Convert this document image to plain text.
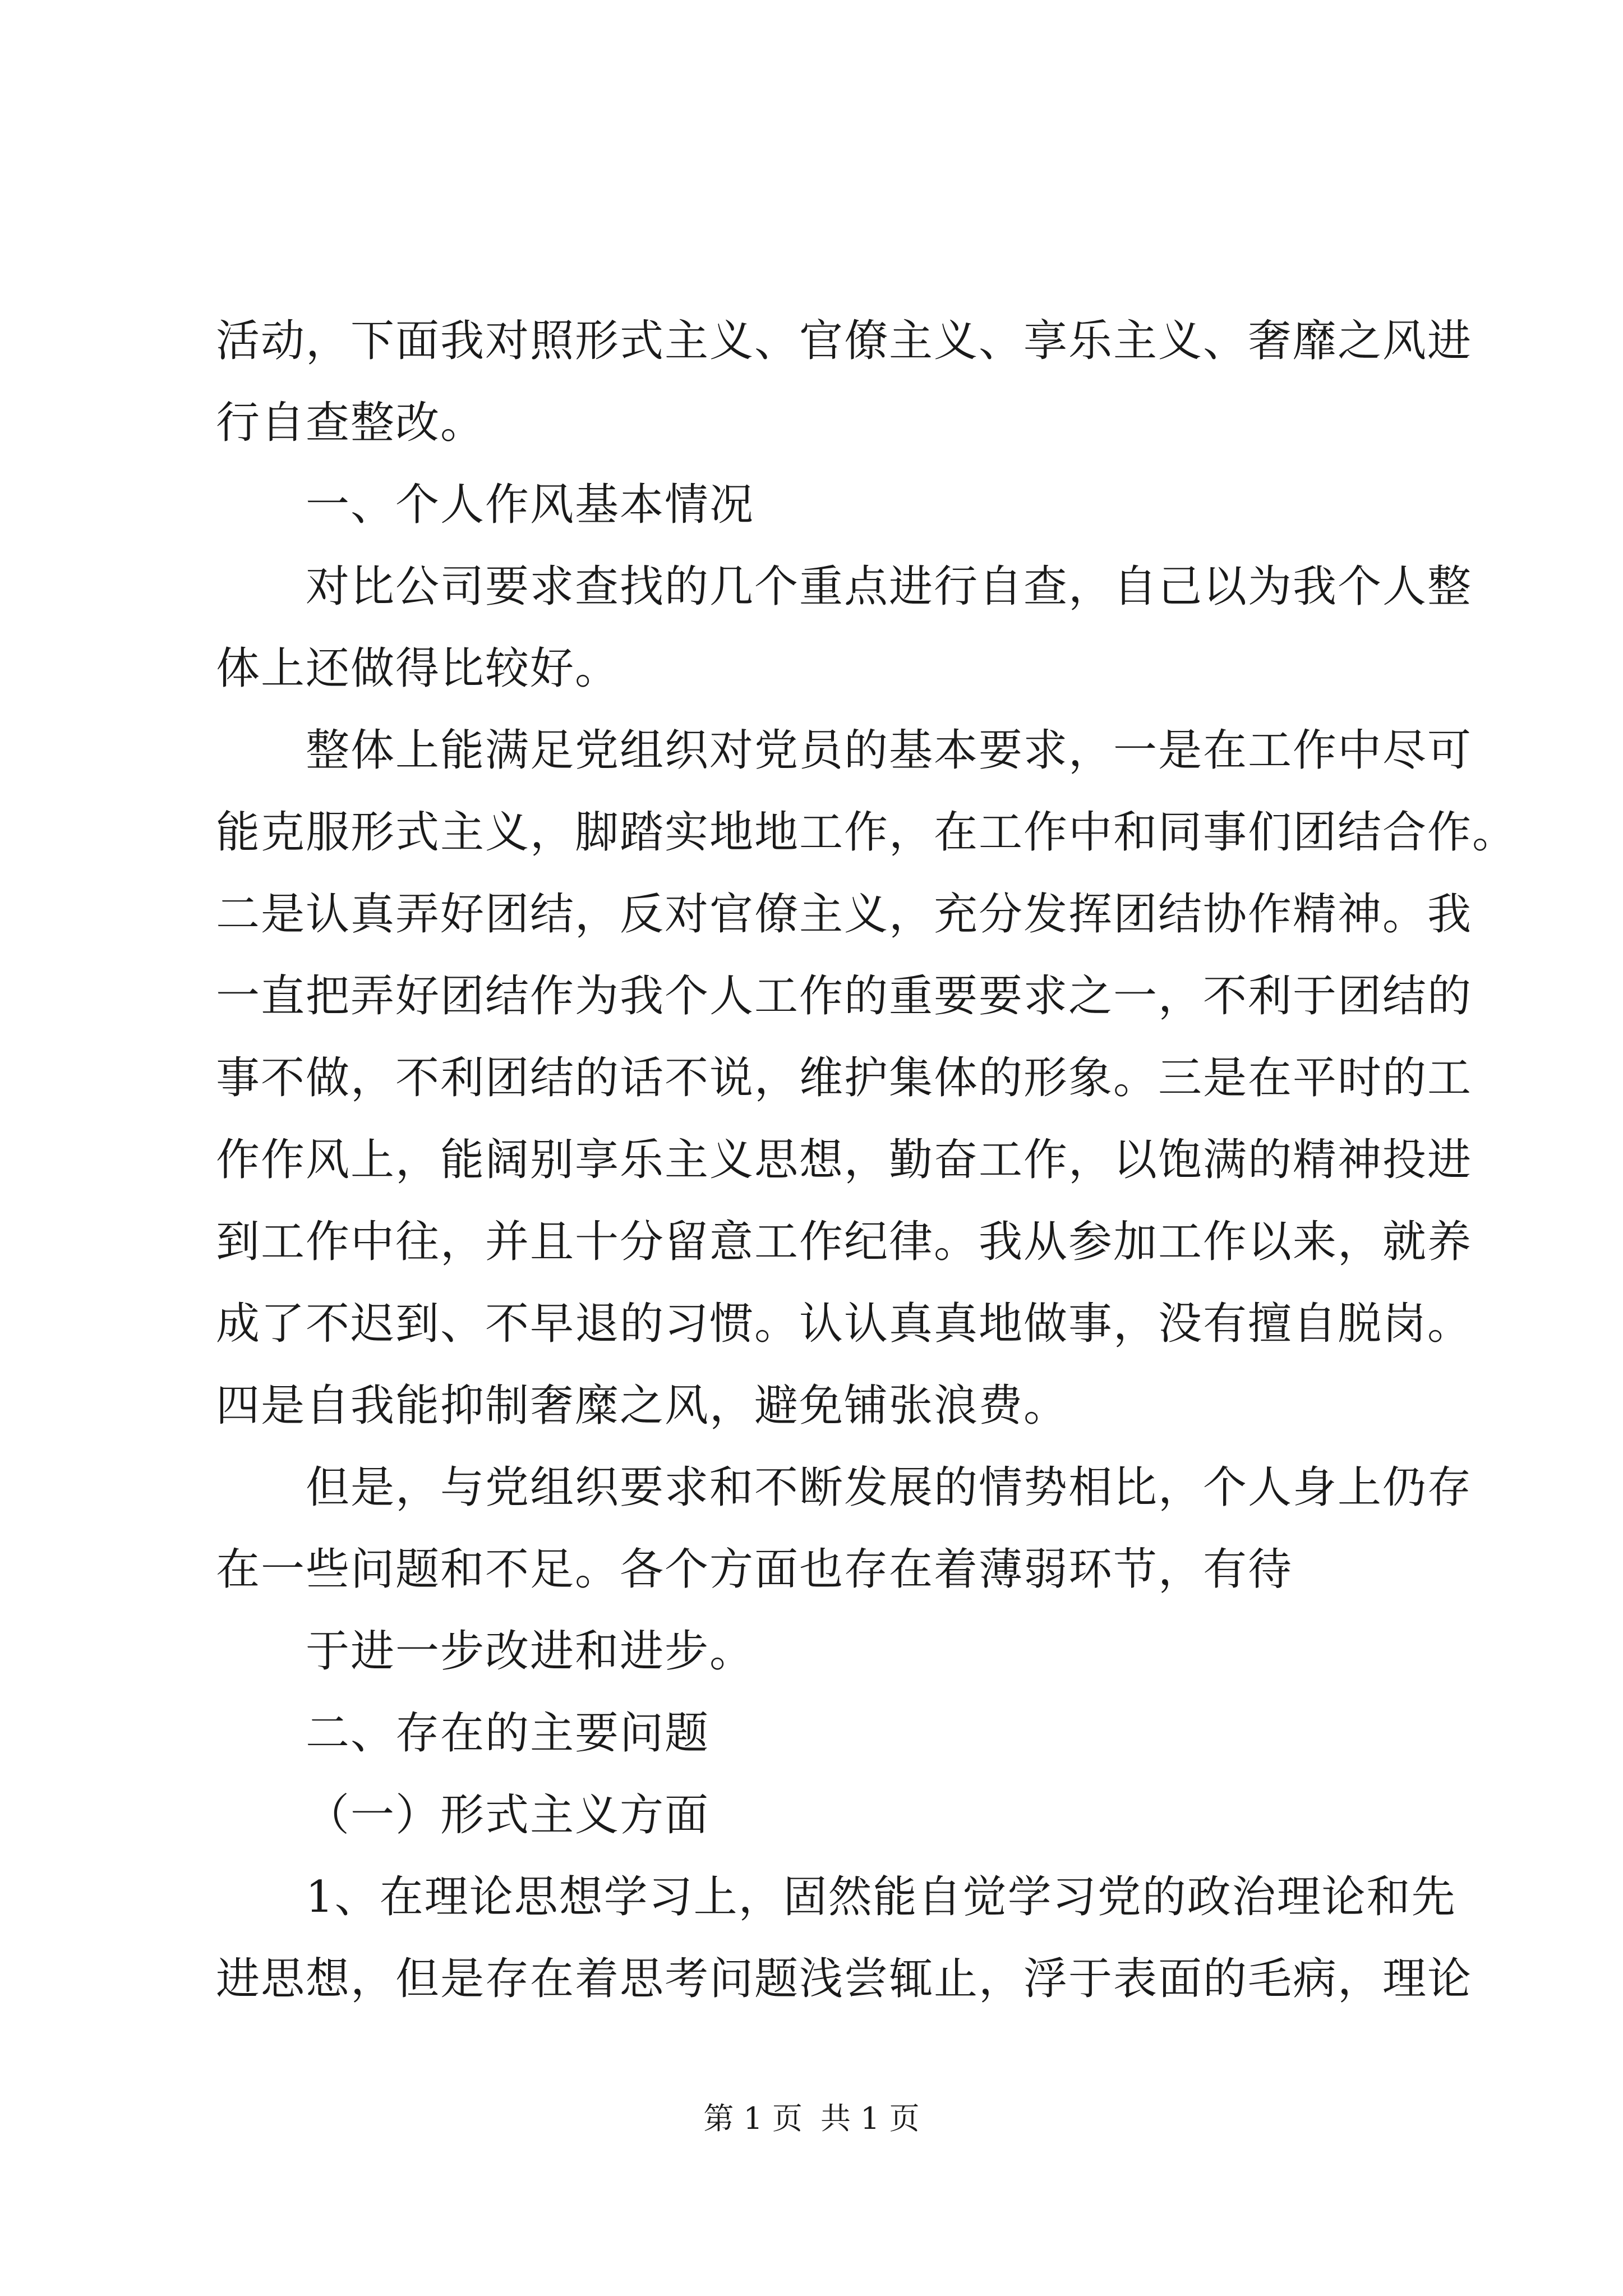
活动，下面我对照形式主义、官僚主义、享乐主义、奢靡之风进
行自查整改。
一、个人作风基本情况
对比公司要求查找的几个重点进行自查，自己以为我个人整
体上还做得比较好。
整体上能满足党组织对党员的基本要求，一是在工作中尽可
能克服形式主义，脚踏实地地工作，在工作中和同事们团结合作。
二是认真弄好团结，反对官僚主义，充分发挥团结协作精神。我
一直把弄好团结作为我个人工作的重要要求之一，不利于团结的
事不做，不利团结的话不说，维护集体的形象。三是在平时的工
作作风上，能阔别享乐主义思想，勤奋工作，以饱满的精神投进
到工作中往，并且十分留意工作纪律。我从参加工作以来，就养
成了不迟到、不早退的习惯。认认真真地做事，没有擅自脱岗。
四是自我能抑制奢糜之风，避免铺张浪费。
但是，与党组织要求和不断发展的情势相比，个人身上仍存
在一些问题和不足。各个方面也存在着薄弱环节，有待
于进一步改进和进步。
二、存在的主要问题
（一）形式主义方面
1、在理论思想学习上，固然能自觉学习党的政治理论和先
进思想，但是存在着思考问题浅尝辄止，浮于表面的毛病，理论
第 1 页 共 1 页
